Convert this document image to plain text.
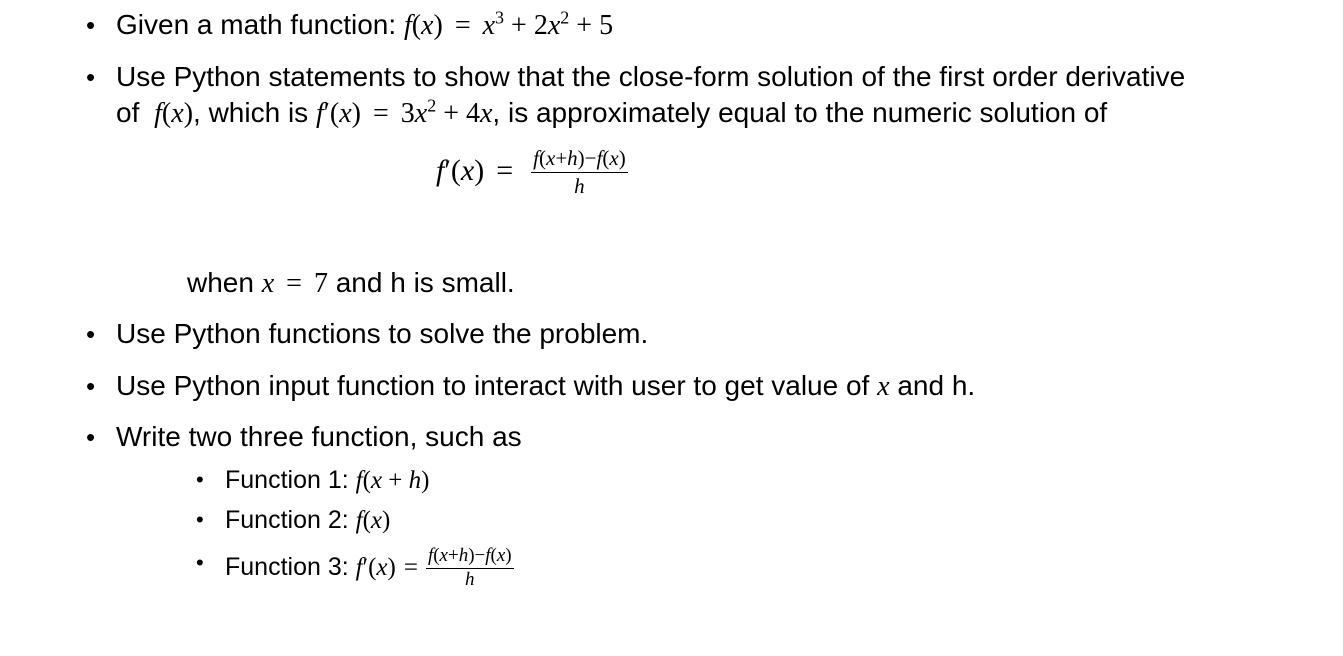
• Given a math function: $f(x) = x^3 + 2x^2 + 5$
• Use Python statements to show that the close-form solution of the first order derivative
of  f(x), which is $f'(x) = 3x^2 + 4x$, is approximately equal to the numeric solution of
$f'(x) = \frac{f(x+h)-f(x)}{h}$
when x = 7 and h is small.
• Use Python functions to solve the problem.
• Use Python input function to interact with user to get value of x and h.
• Write two three function, such as
• Function 1: f(x + h)
• Function 2: f(x)
• Function 3: $f'(x) = \frac{f(x+h)-f(x)}{h}$
